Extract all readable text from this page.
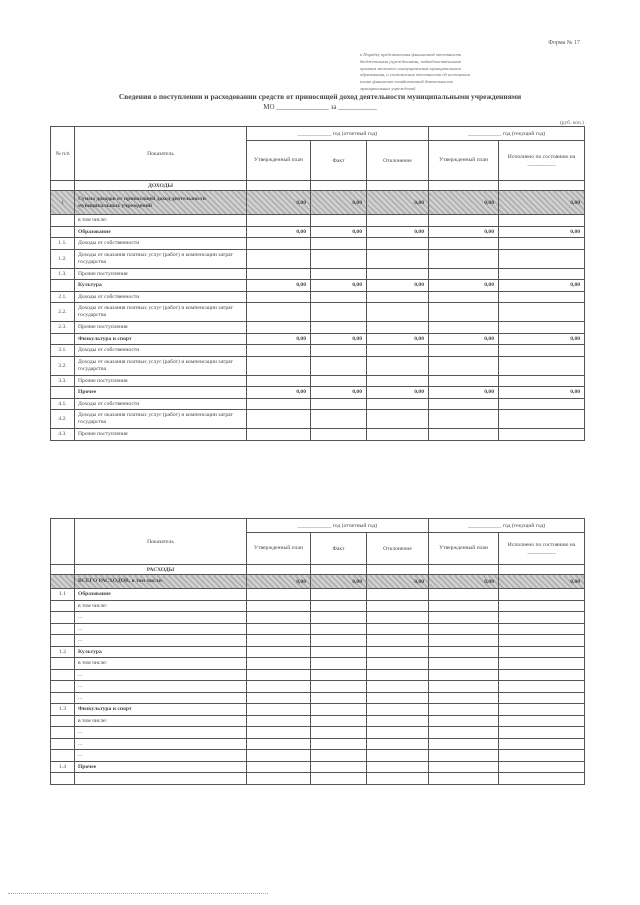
Форма № 17
к Порядку представления финансовой отчетности
бюджетными учреждениями, подведомственными
органам местного самоуправления муниципального
образования, и составления отчетности об исполнении
плана финансово-хозяйственной деятельности
муниципальных учреждений
Сведения о поступлении и расходовании средств от приносящей доход деятельности муниципальными учреждениями
МО _______________ за ___________
(руб. коп.)
№ п/п	Показатель	____________ год (отчетный год)			____________ год (текущий год)	
		Утвержденный план	Факт	Отклонение	Утвержденный план	Исполнено по состоянию на __________
	ДОХОДЫ					
1	Сумма доходов от приносящей доход деятельности муниципальных учреждений	0,00	0,00	0,00	0,00	0,00
	в том числе:					
	Образование	0,00	0,00	0,00	0,00	0,00
1.1.	Доходы от собственности					
1.2.	Доходы от оказания платных услуг (работ) и компенсации затрат государства					
1.3.	Прочие поступления					
	Культура	0,00	0,00	0,00	0,00	0,00
2.1.	Доходы от собственности					
2.2.	Доходы от оказания платных услуг (работ) и компенсации затрат государства					
2.3.	Прочие поступления					
	Физкультура и спорт	0,00	0,00	0,00	0,00	0,00
3.1.	Доходы от собственности					
3.2.	Доходы от оказания платных услуг (работ) и компенсации затрат государства					
3.3.	Прочие поступления					
	Прочее	0,00	0,00	0,00	0,00	0,00
4.1.	Доходы от собственности					
4.2.	Доходы от оказания платных услуг (работ) и компенсации затрат государства					
4.3.	Прочие поступления					
	Показатель	____________ год (отчетный год)			____________ год (текущий год)	
		Утвержденный план	Факт	Отклонение	Утвержденный план	Исполнено по состоянию на __________
	РАСХОДЫ					
	ВСЕГО РАСХОДОВ, в том числе:	0,00	0,00	0,00	0,00	0,00
1.1	Образование					
	в том числе:					
	...					
	...					
	...					
1.2	Культура					
	в том числе:					
	...					
	...					
	...					
1.3	Физкультура и спорт					
	в том числе:					
	...					
	...					
	...					
1.4	Прочее					
